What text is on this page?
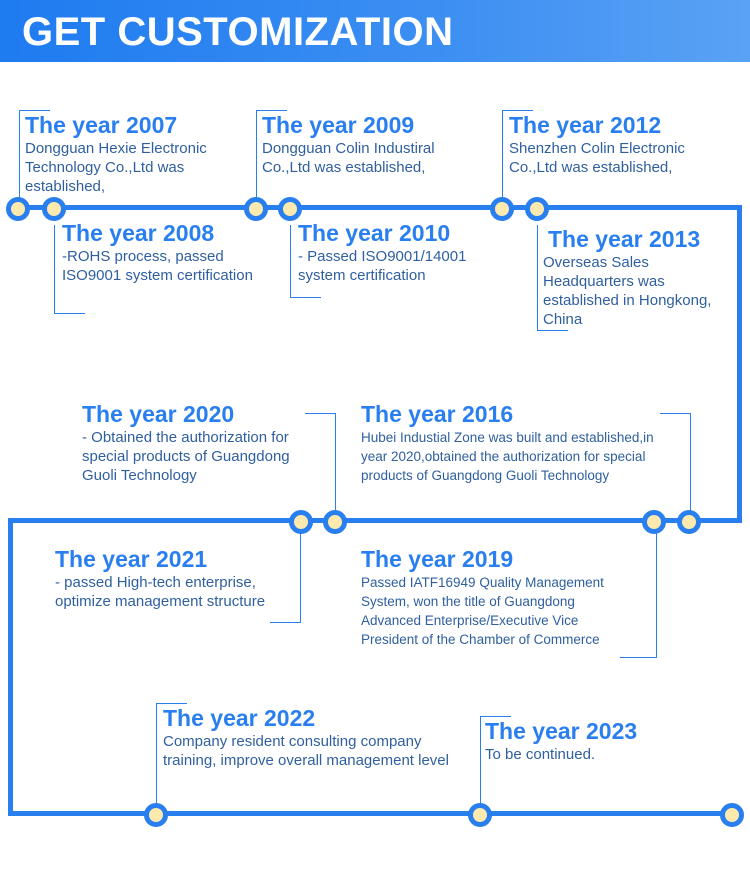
GET CUSTOMIZATION
The year 2007
Dongguan Hexie Electronic Technology Co.,Ltd was established,
The year 2008
-ROHS process, passed ISO9001 system certification
The year 2009
Dongguan Colin Industiral Co.,Ltd was established,
The year 2010
- Passed ISO9001/14001 system certification
The year 2012
Shenzhen Colin Electronic Co.,Ltd was established,
The year 2013
Overseas Sales Headquarters was established in Hongkong, China
The year 2020
- Obtained the authorization for special products of Guangdong Guoli Technology
The year 2016
Hubei Industial Zone was built and established,in year 2020,obtained the authorization for special products of Guangdong Guoli Technology
The year 2021
- passed High-tech enterprise, optimize management structure
The year 2019
Passed IATF16949 Quality Management System, won the title of Guangdong Advanced Enterprise/Executive Vice President of the Chamber of Commerce
The year 2022
Company resident consulting company training, improve overall management level
The year 2023
To be continued.
